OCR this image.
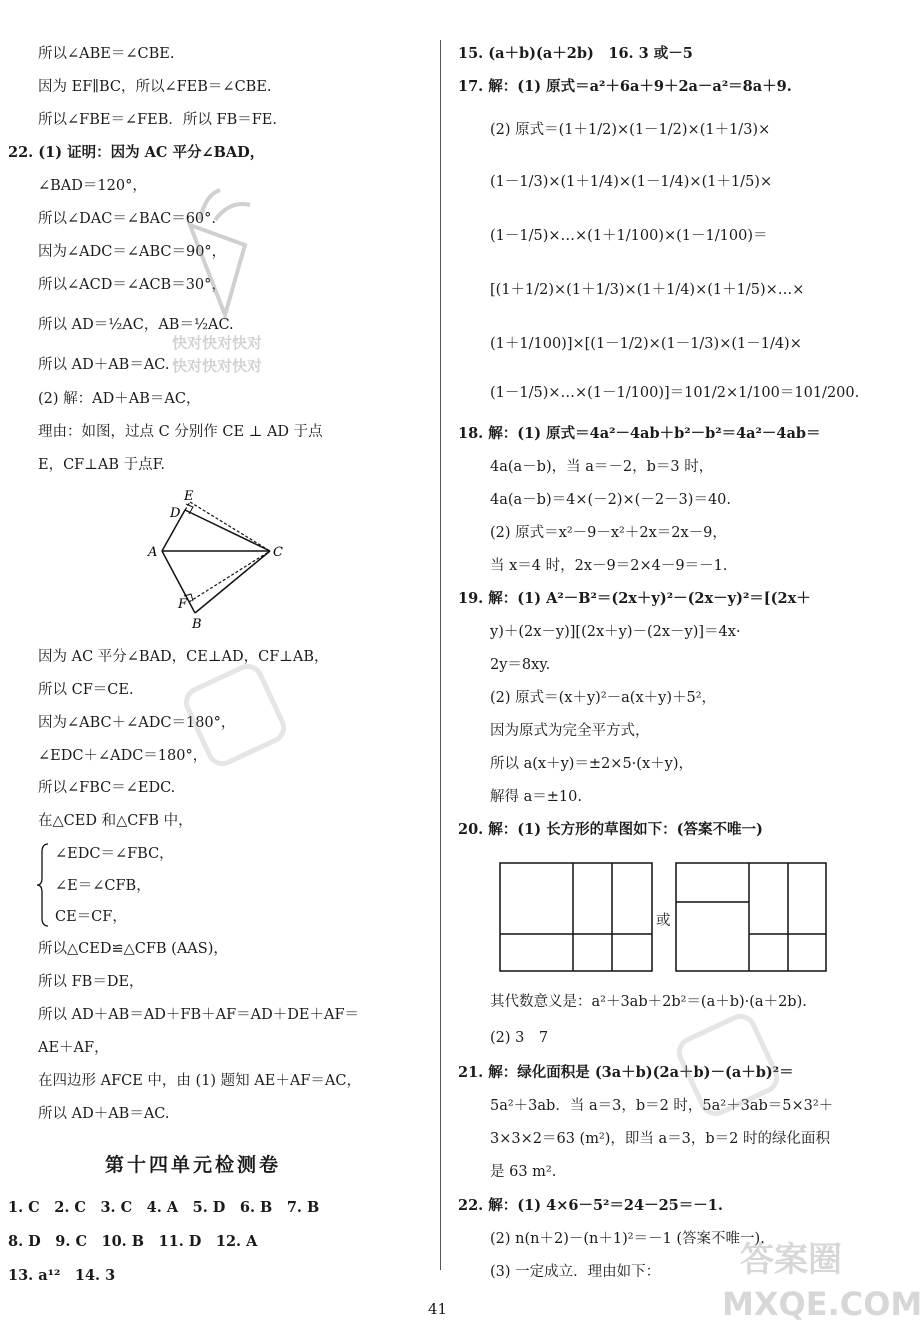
所以∠ABE＝∠CBE.
因为 EF∥BC，所以∠FEB＝∠CBE.
所以∠FBE＝∠FEB．所以 FB＝FE.
22. (1) 证明：因为 AC 平分∠BAD，
∠BAD＝120°，
所以∠DAC＝∠BAC＝60°.
因为∠ADC＝∠ABC＝90°，
所以∠ACD＝∠ACB＝30°，
所以 AD＝½AC，AB＝½AC.
所以 AD＋AB＝AC.
(2) 解：AD＋AB＝AC，
理由：如图，过点 C 分别作 CE ⊥ AD 于点
E，CF⊥AB 于点F.
E
D
A	C
F
B
因为 AC 平分∠BAD，CE⊥AD，CF⊥AB，
所以 CF＝CE.
因为∠ABC＋∠ADC＝180°，
∠EDC＋∠ADC＝180°，
所以∠FBC＝∠EDC.
在△CED 和△CFB 中，
∠EDC＝∠FBC，
∠E＝∠CFB，
CE＝CF，
所以△CED≌△CFB (AAS)，
所以 FB＝DE，
所以 AD＋AB＝AD＋FB＋AF＝AD＋DE＋AF＝
AE＋AF，
在四边形 AFCE 中，由 (1) 题知 AE＋AF＝AC，
所以 AD＋AB＝AC.
第十四单元检测卷
1. C　2. C　3. C　4. A　5. D　6. B　7. B
8. D　9. C　10. B　11. D　12. A
13. a¹²　14. 3
15. (a＋b)(a＋2b)　16. 3 或－5
17. 解：(1) 原式＝a²＋6a＋9＋2a－a²＝8a＋9.
(2) 原式＝(1＋1/2)×(1－1/2)×(1＋1/3)×
(1－1/3)×(1＋1/4)×(1－1/4)×(1＋1/5)×
(1－1/5)×…×(1＋1/100)×(1－1/100)＝
[(1＋1/2)×(1＋1/3)×(1＋1/4)×(1＋1/5)×…×
(1＋1/100)]×[(1－1/2)×(1－1/3)×(1－1/4)×
(1－1/5)×…×(1－1/100)]＝101/2×1/100＝101/200.
18. 解：(1) 原式＝4a²－4ab＋b²－b²＝4a²－4ab＝
4a(a－b)，当 a＝－2，b＝3 时，
4a(a－b)＝4×(－2)×(－2－3)＝40.
(2) 原式＝x²－9－x²＋2x＝2x－9，
当 x＝4 时，2x－9＝2×4－9＝－1.
19. 解：(1) A²－B²＝(2x＋y)²－(2x－y)²＝[(2x＋
y)＋(2x－y)][(2x＋y)－(2x－y)]＝4x·
2y＝8xy.
(2) 原式＝(x＋y)²－a(x＋y)＋5²，
因为原式为完全平方式，
所以 a(x＋y)＝±2×5·(x＋y)，
解得 a＝±10.
20. 解：(1) 长方形的草图如下：(答案不唯一)
或
其代数意义是：a²＋3ab＋2b²＝(a＋b)·(a＋2b).
(2) 3　7
21. 解：绿化面积是 (3a＋b)(2a＋b)－(a＋b)²＝
5a²＋3ab．当 a＝3，b＝2 时，5a²＋3ab＝5×3²＋
3×3×2＝63 (m²)，即当 a＝3，b＝2 时的绿化面积
是 63 m².
22. 解：(1) 4×6－5²＝24－25＝－1.
(2) n(n＋2)－(n＋1)²＝－1 (答案不唯一).
(3) 一定成立．理由如下：
快对快对快对
快对快对快对
答案圈
MXQE.COM
41
